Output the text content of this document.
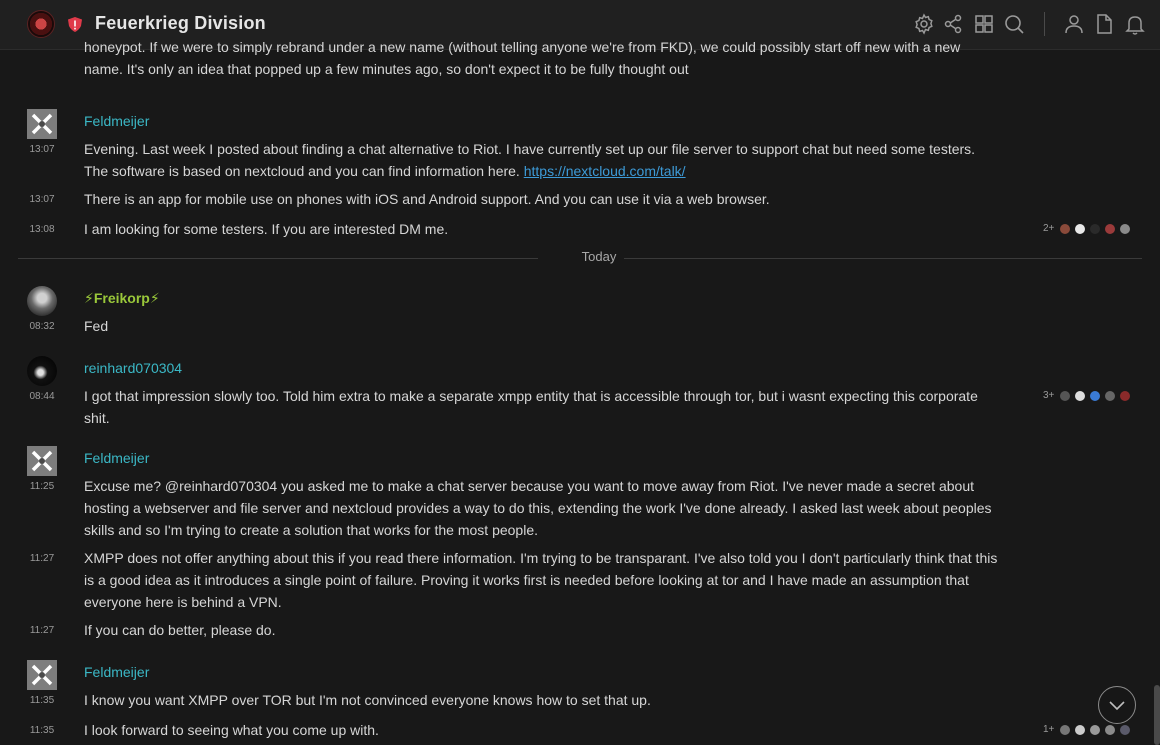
Feuerkrieg Division
honeypot. If we were to simply rebrand under a new name (without telling anyone we're from FKD), we could possibly start off new with a new name. It's only an idea that popped up a few minutes ago, so don't expect it to be fully thought out
Feldmeijer
13:07	Evening. Last week I posted about finding a chat alternative to Riot. I have currently set up our file server to support chat but need some testers. The software is based on nextcloud and you can find information here. https://nextcloud.com/talk/
13:07	There is an app for mobile use on phones with iOS and Android support. And you can use it via a web browser.
13:08	I am looking for some testers. If you are interested DM me.	2+
Today
⚡Freikorp⚡
08:32	Fed
reinhard070304
08:44	I got that impression slowly too. Told him extra to make a separate xmpp entity that is accessible through tor, but i wasnt expecting this corporate shit.
3+
Feldmeijer
11:25	Excuse me? @reinhard070304 you asked me to make a chat server because you want to move away from Riot. I've never made a secret about hosting a webserver and file server and nextcloud provides a way to do this, extending the work I've done already. I asked last week about peoples skills and so I'm trying to create a solution that works for the most people.
11:27	XMPP does not offer anything about this if you read there information. I'm trying to be transparant. I've also told you I don't particularly think that this is a good idea as it introduces a single point of failure. Proving it works first is needed before looking at tor and I have made an assumption that everyone here is behind a VPN.
11:27	If you can do better, please do.
Feldmeijer
11:35	I know you want XMPP over TOR but I'm not convinced everyone knows how to set that up.
11:35	I look forward to seeing what you come up with.	1+
